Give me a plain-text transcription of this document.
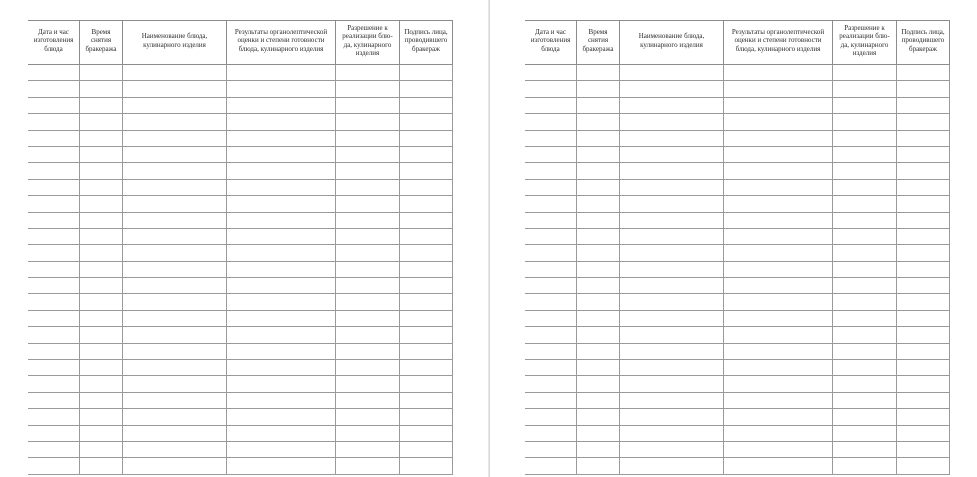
Дата и час
изготовления
блюда
Время
снятия
бракеража
Наименование блюда,
кулинарного изделия
Результаты органолептической
оценки и степени готовности
блюда, кулинарного изделия
Разрешение к
реализации блю-
да, кулинарного
изделия
Подпись лица,
проводившего
бракераж
Дата и час
изготовления
блюда
Время
снятия
бракеража
Наименование блюда,
кулинарного изделия
Результаты органолептической
оценки и степени готовности
блюда, кулинарного изделия
Разрешение к
реализации блю-
да, кулинарного
изделия
Подпись лица,
проводившего
бракераж
